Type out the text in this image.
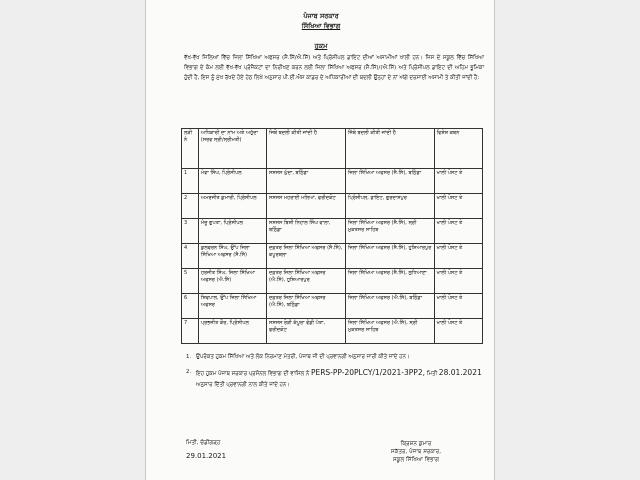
ਪੰਜਾਬ ਸਰਕਾਰ
ਸਿੱਖਿਆ ਵਿਭਾਗ
ਹੁਕਮ
ਵੱਖ-ਵੱਖ ਜਿਲਿਆਂ ਵਿੱਚ ਜਿਲਾ ਸਿੱਖਿਆ ਅਫਸਰ (ਸੈ.ਸਿੱ/ਐ.ਸਿੱ) ਅਤੇ ਪ੍ਰਿੰਸੀਪਲ ਡਾਇਟ ਦੀਆਂ ਅਸਾਮੀਆਂ ਖਾਲੀ ਹਨ। ਜਿਸ ਦੇ ਸਕੂਲ ਵਿੱਚ ਸਿੱਖਿਆ ਵਿਭਾਗ ਦੇ ਕੰਮ ਲਈ ਵੱਖ-ਵੱਖ ਪ੍ਰੋਜੈਕਟਾਂ ਦਾ ਨਿਰੀਖਣ ਕਰਨ ਲਈ ਜਿਲਾ ਸਿੱਖਿਆ ਅਫਸਰ (ਸੈ.ਸਿੱ)/(ਐ.ਸਿੱ) ਅਤੇ ਪ੍ਰਿੰਸੀਪਲ ਡਾਇਟ ਦੀ ਅਹਿਮ ਭੂਮਿਕਾ ਹੁੰਦੀ ਹੈ, ਇਸ ਨੂੰ ਮੁੱਖ ਰੱਖਦੇ ਹੋਏ ਹੇਠ ਲਿਖੇ ਅਨੁਸਾਰ ਪੀ.ਈ.ਐਸ ਕਾਡਰ ਦੇ ਅਧਿਕਾਰੀਆਂ ਦੀ ਬਦਲੀ ਉਨ੍ਹਾਂ ਦੇ ਨਾਂ ਅੱਗੇ ਦਰਸਾਈ ਅਸਾਮੀ ਤੇ ਕੀਤੀ ਜਾਂਦੀ ਹੈ:
ਲੜੀ ਨੰ	ਅਧਿਕਾਰੀ ਦਾ ਨਾਂਮ ਅਤੇ ਅਹੁੱਦਾ (ਸਰਵ ਸ੍ਰੀ/ਸ੍ਰੀਮਤੀ)	ਜਿਥੋਂ ਬਦਲੀ ਕੀਤੀ ਜਾਂਦੀ ਹੈ	ਜਿੱਥੇ ਬਦਲੀ ਕੀਤੀ ਜਾਂਦੀ ਹੈ	ਵਿਸ਼ੇਸ਼ ਕਥਨ
1	ਮੇਵਾ ਸਿੰਘ, ਪ੍ਰਿੰਸੀਪਲ	ਸਸਸਸ ਘੁੱਦਾ, ਬਠਿੰਡਾ	ਜਿਲਾ ਸਿੱਖਿਆ ਅਫਸਰ (ਸੈ.ਸਿੱ), ਬਠਿੰਡਾ	ਖਾਲੀ ਪੋਸਟ ਤੇ
2	ਅਮਰਜੀਤ ਕੁਮਾਰੀ, ਪ੍ਰਿੰਸੀਪਲ	ਸਸਸਸ ਮਹਰਾਈ ਮਲਿਆਂ, ਫਰੀਦਕੋਟ	ਪ੍ਰਿੰਸੀਪਲ, ਡਾਇਟ, ਗੁਰਦਾਸਪੁਰ	ਖਾਲੀ ਪੋਸਟ ਤੇ
3	ਮੰਜੂ ਗੁਪਤਾ, ਪ੍ਰਿੰਸੀਪਲ	ਸਸਸਸ ਬਿਸ਼ੀ ਨਿਹਾਲ ਸਿੰਘ ਵਾਲਾ, ਬਠਿੰਡਾ	ਜਿਲਾ ਸਿੱਖਿਆ ਅਫਸਰ (ਸੈ.ਸਿੱ), ਸ੍ਰੀ ਮੁਕਤਸਰ ਸਾਹਿਬ	ਖਾਲੀ ਪੋਸਟ ਤੇ
4	ਕੁਲਵਰਨ ਸਿੰਘ, ਉੱਪ ਜਿਲਾ ਸਿੱਖਿਆ ਅਫਸਰ (ਸੈ.ਸਿੱ)	ਦਫ਼ਤਰ ਜਿਲਾ ਸਿੱਖਿਆ ਅਫਸਰ (ਸੈ.ਸਿੱ), ਕਪੂਰਥਲਾ	ਜਿਲਾ ਸਿੱਖਿਆ ਅਫਸਰ (ਸੈ.ਸਿੱ), ਹੁਸ਼ਿਆਰਪੁਰ	ਖਾਲੀ ਪੋਸਟ ਤੇ
5	ਹਰਜੀਤ ਸਿੰਘ, ਜਿਲਾ ਸਿੱਖਿਆ ਅਫਸਰ (ਐ.ਸਿੱ)	ਦਫ਼ਤਰ ਜਿਲਾ ਸਿੱਖਿਆ ਅਫਸਰ (ਐ.ਸਿੱ), ਹੁਸ਼ਿਆਰਪੁਰ	ਜਿਲਾ ਸਿੱਖਿਆ ਅਫਸਰ (ਸੈ.ਸਿੱ), ਲੁਧਿਆਣਾ	ਖਾਲੀ ਪੋਸਟ ਤੇ
6	ਸ਼ਿਵਪਾਲ, ਉੱਪ ਜਿਲਾ ਸਿੱਖਿਆ ਅਫਸਰ	ਦਫ਼ਤਰ ਜਿਲਾ ਸਿੱਖਿਆ ਅਫਸਰ (ਐ.ਸਿੱ), ਬਠਿੰਡਾ	ਜਿਲਾ ਸਿੱਖਿਆ ਅਫਸਰ (ਐ.ਸਿੱ), ਬਠਿੰਡਾ	ਖਾਲੀ ਪੋਸਟ ਤੇ
7	ਪ੍ਰਭਜੀਤ ਕੌਰ, ਪ੍ਰਿੰਸੀਪਲ	ਸਸਸਸ ਰੋੜੀ ਕੱਪੂਰਾ ਵੰਡੀ ਪੱਤਾ, ਫਰੀਦਕੋਟ	ਜਿਲਾ ਸਿੱਖਿਆ ਅਫਸਰ (ਐ.ਸਿੱ), ਸ੍ਰੀ ਮੁਕਤਸਰ ਸਾਹਿਬ	ਖਾਲੀ ਪੋਸਟ ਤੇ
1. ਉਪਰੋਕਤ ਹੁਕਮ ਸਿੱਖਿਆ ਅਤੇ ਲੋਕ ਨਿਰਮਾਣ ਮੰਤਰੀ, ਪੰਜਾਬ ਜੀ ਦੀ ਪ੍ਰਵਾਨਗੀ ਅਨੁਸਾਰ ਜਾਰੀ ਕੀਤੇ ਜਾਂਦੇ ਹਨ।
2. ਇਹ ਹੁਕਮ ਪੰਜਾਬ ਸਰਕਾਰ ਪ੍ਰਸੋਨਲ ਵਿਭਾਗ ਦੀ ਵਾਸਿਲ ਨੰ PERS-PP-20PLCY/1/2021-3PP2, ਮਿਤੀ 28.01.2021 ਅਨੁਸਾਰ ਦਿੱਤੀ ਪ੍ਰਵਾਨਗੀ ਨਾਲ ਕੀਤੇ ਜਾਂਦੇ ਹਨ।
ਮਿਤੀ, ਚੰਡੀਗੜ੍ਹ
29.01.2021
ਕ੍ਰਿਸ਼ਨ ਕੁਮਾਰ
ਸਕੱਤਰ, ਪੰਜਾਬ ਸਰਕਾਰ,
ਸਕੂਲ ਸਿੱਖਿਆ ਵਿਭਾਗ
